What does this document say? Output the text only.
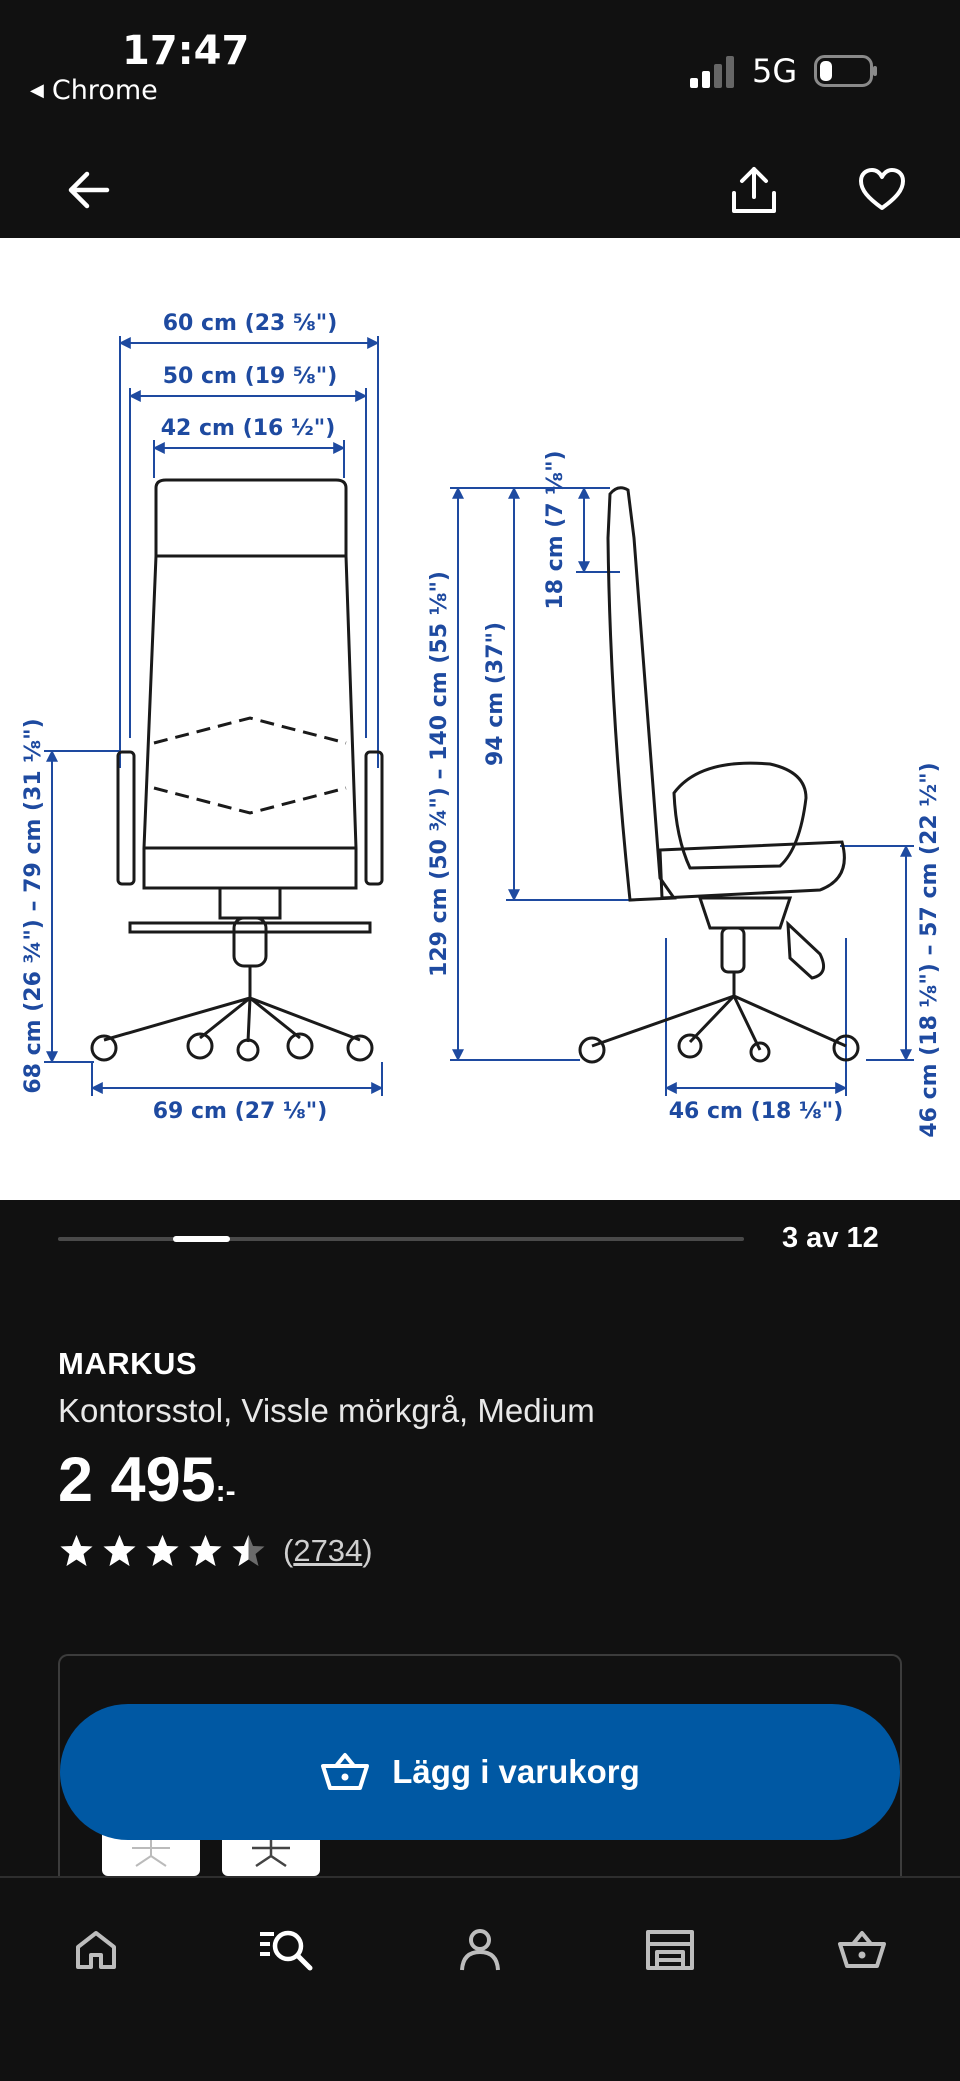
17:47
◀ Chrome
5G
60 cm (23 ⅝")
50 cm (19 ⅝")
42 cm (16 ½")
69 cm (27 ⅛")
68 cm (26 ¾") – 79 cm (31 ⅛")	129 cm (50 ¾") – 140 cm (55 ⅛") 94 cm (37")
18 cm (7 ⅛")
46 cm (18 ⅛") – 57 cm (22 ½")
46 cm (18 ⅛")
3 av 12
MARKUS
Kontorsstol, Vissle mörkgrå, Medium
2 495:-
(2734)
Lägg i varukorg
